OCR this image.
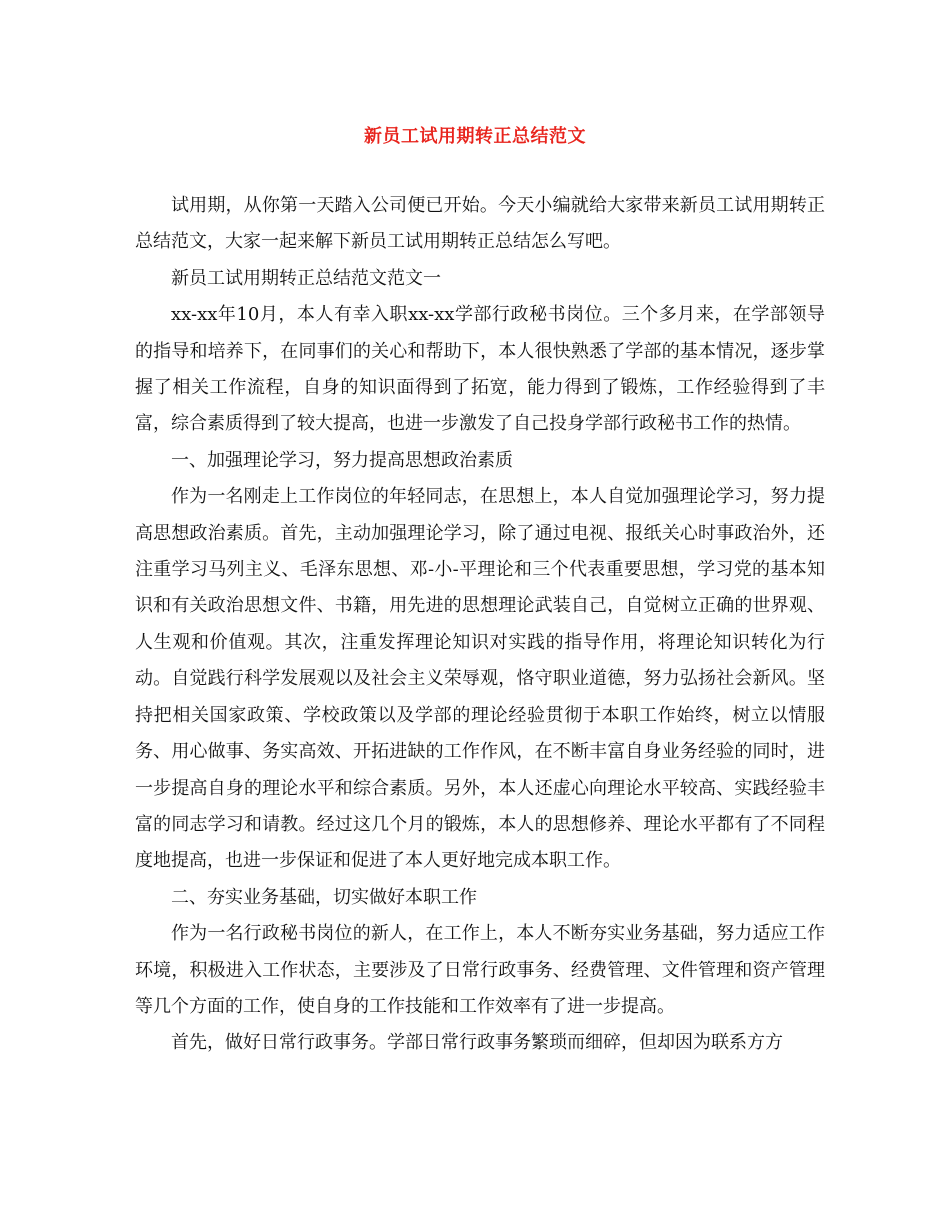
新员工试用期转正总结范文

试用期，从你第一天踏入公司便已开始。今天小编就给大家带来新员工试用期转正总结范文，大家一起来解下新员工试用期转正总结怎么写吧。

新员工试用期转正总结范文范文一

xx-xx年10月，本人有幸入职xx-xx学部行政秘书岗位。三个多月来，在学部领导的指导和培养下，在同事们的关心和帮助下，本人很快熟悉了学部的基本情况，逐步掌握了相关工作流程，自身的知识面得到了拓宽，能力得到了锻炼，工作经验得到了丰富，综合素质得到了较大提高，也进一步激发了自己投身学部行政秘书工作的热情。

一、加强理论学习，努力提高思想政治素质

作为一名刚走上工作岗位的年轻同志，在思想上，本人自觉加强理论学习，努力提高思想政治素质。首先，主动加强理论学习，除了通过电视、报纸关心时事政治外，还注重学习马列主义、毛泽东思想、邓-小-平理论和三个代表重要思想，学习党的基本知识和有关政治思想文件、书籍，用先进的思想理论武装自己，自觉树立正确的世界观、人生观和价值观。其次，注重发挥理论知识对实践的指导作用，将理论知识转化为行动。自觉践行科学发展观以及社会主义荣辱观，恪守职业道德，努力弘扬社会新风。坚持把相关国家政策、学校政策以及学部的理论经验贯彻于本职工作始终，树立以情服务、用心做事、务实高效、开拓进缺的工作作风，在不断丰富自身业务经验的同时，进一步提高自身的理论水平和综合素质。另外，本人还虚心向理论水平较高、实践经验丰富的同志学习和请教。经过这几个月的锻炼，本人的思想修养、理论水平都有了不同程度地提高，也进一步保证和促进了本人更好地完成本职工作。

二、夯实业务基础，切实做好本职工作

作为一名行政秘书岗位的新人，在工作上，本人不断夯实业务基础，努力适应工作环境，积极进入工作状态，主要涉及了日常行政事务、经费管理、文件管理和资产管理等几个方面的工作，使自身的工作技能和工作效率有了进一步提高。

首先，做好日常行政事务。学部日常行政事务繁琐而细碎，但却因为联系方方
